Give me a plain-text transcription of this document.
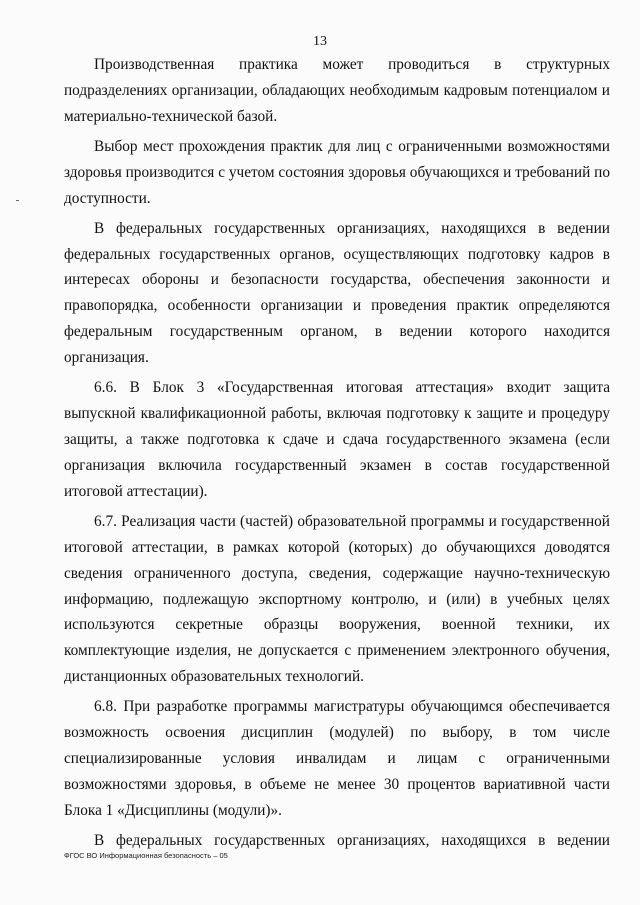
13

Производственная практика может проводиться в структурных подразделениях организации, обладающих необходимым кадровым потенциалом и материально-технической базой.

Выбор мест прохождения практик для лиц с ограниченными возможностями здоровья производится с учетом состояния здоровья обучающихся и требований по доступности.

В федеральных государственных организациях, находящихся в ведении федеральных государственных органов, осуществляющих подготовку кадров в интересах обороны и безопасности государства, обеспечения законности и правопорядка, особенности организации и проведения практик определяются федеральным государственным органом, в ведении которого находится организация.

6.6. В Блок 3 «Государственная итоговая аттестация» входит защита выпускной квалификационной работы, включая подготовку к защите и процедуру защиты, а также подготовка к сдаче и сдача государственного экзамена (если организация включила государственный экзамен в состав государственной итоговой аттестации).

6.7. Реализация части (частей) образовательной программы и государственной итоговой аттестации, в рамках которой (которых) до обучающихся доводятся сведения ограниченного доступа, сведения, содержащие научно-техническую информацию, подлежащую экспортному контролю, и (или) в учебных целях используются секретные образцы вооружения, военной техники, их комплектующие изделия, не допускается с применением электронного обучения, дистанционных образовательных технологий.

6.8. При разработке программы магистратуры обучающимся обеспечивается возможность освоения дисциплин (модулей) по выбору, в том числе специализированные условия инвалидам и лицам с ограниченными возможностями здоровья, в объеме не менее 30 процентов вариативной части Блока 1 «Дисциплины (модули)».

В федеральных государственных организациях, находящихся в ведении

ФГОС ВО Информационная безопасность – 05
